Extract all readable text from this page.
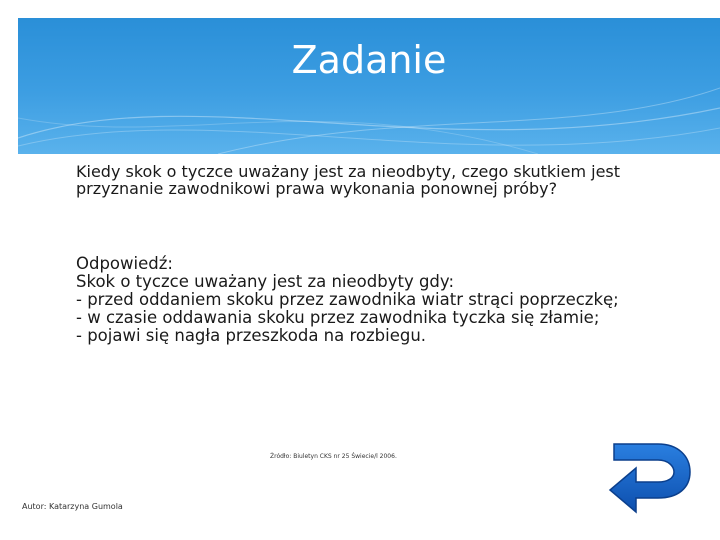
Zadanie
Kiedy skok o tyczce uważany jest za nieodbyty, czego skutkiem jest przyznanie zawodnikowi prawa wykonania ponownej próby?
Odpowiedź:
Skok o tyczce uważany jest za nieodbyty gdy:
- przed oddaniem skoku przez zawodnika wiatr strąci poprzeczkę;
- w czasie oddawania skoku przez zawodnika tyczka się złamie;
- pojawi się nagła przeszkoda na rozbiegu.
Źródło: Biuletyn CKS nr 25 Świecie/l 2006.
Autor: Katarzyna Gumola
